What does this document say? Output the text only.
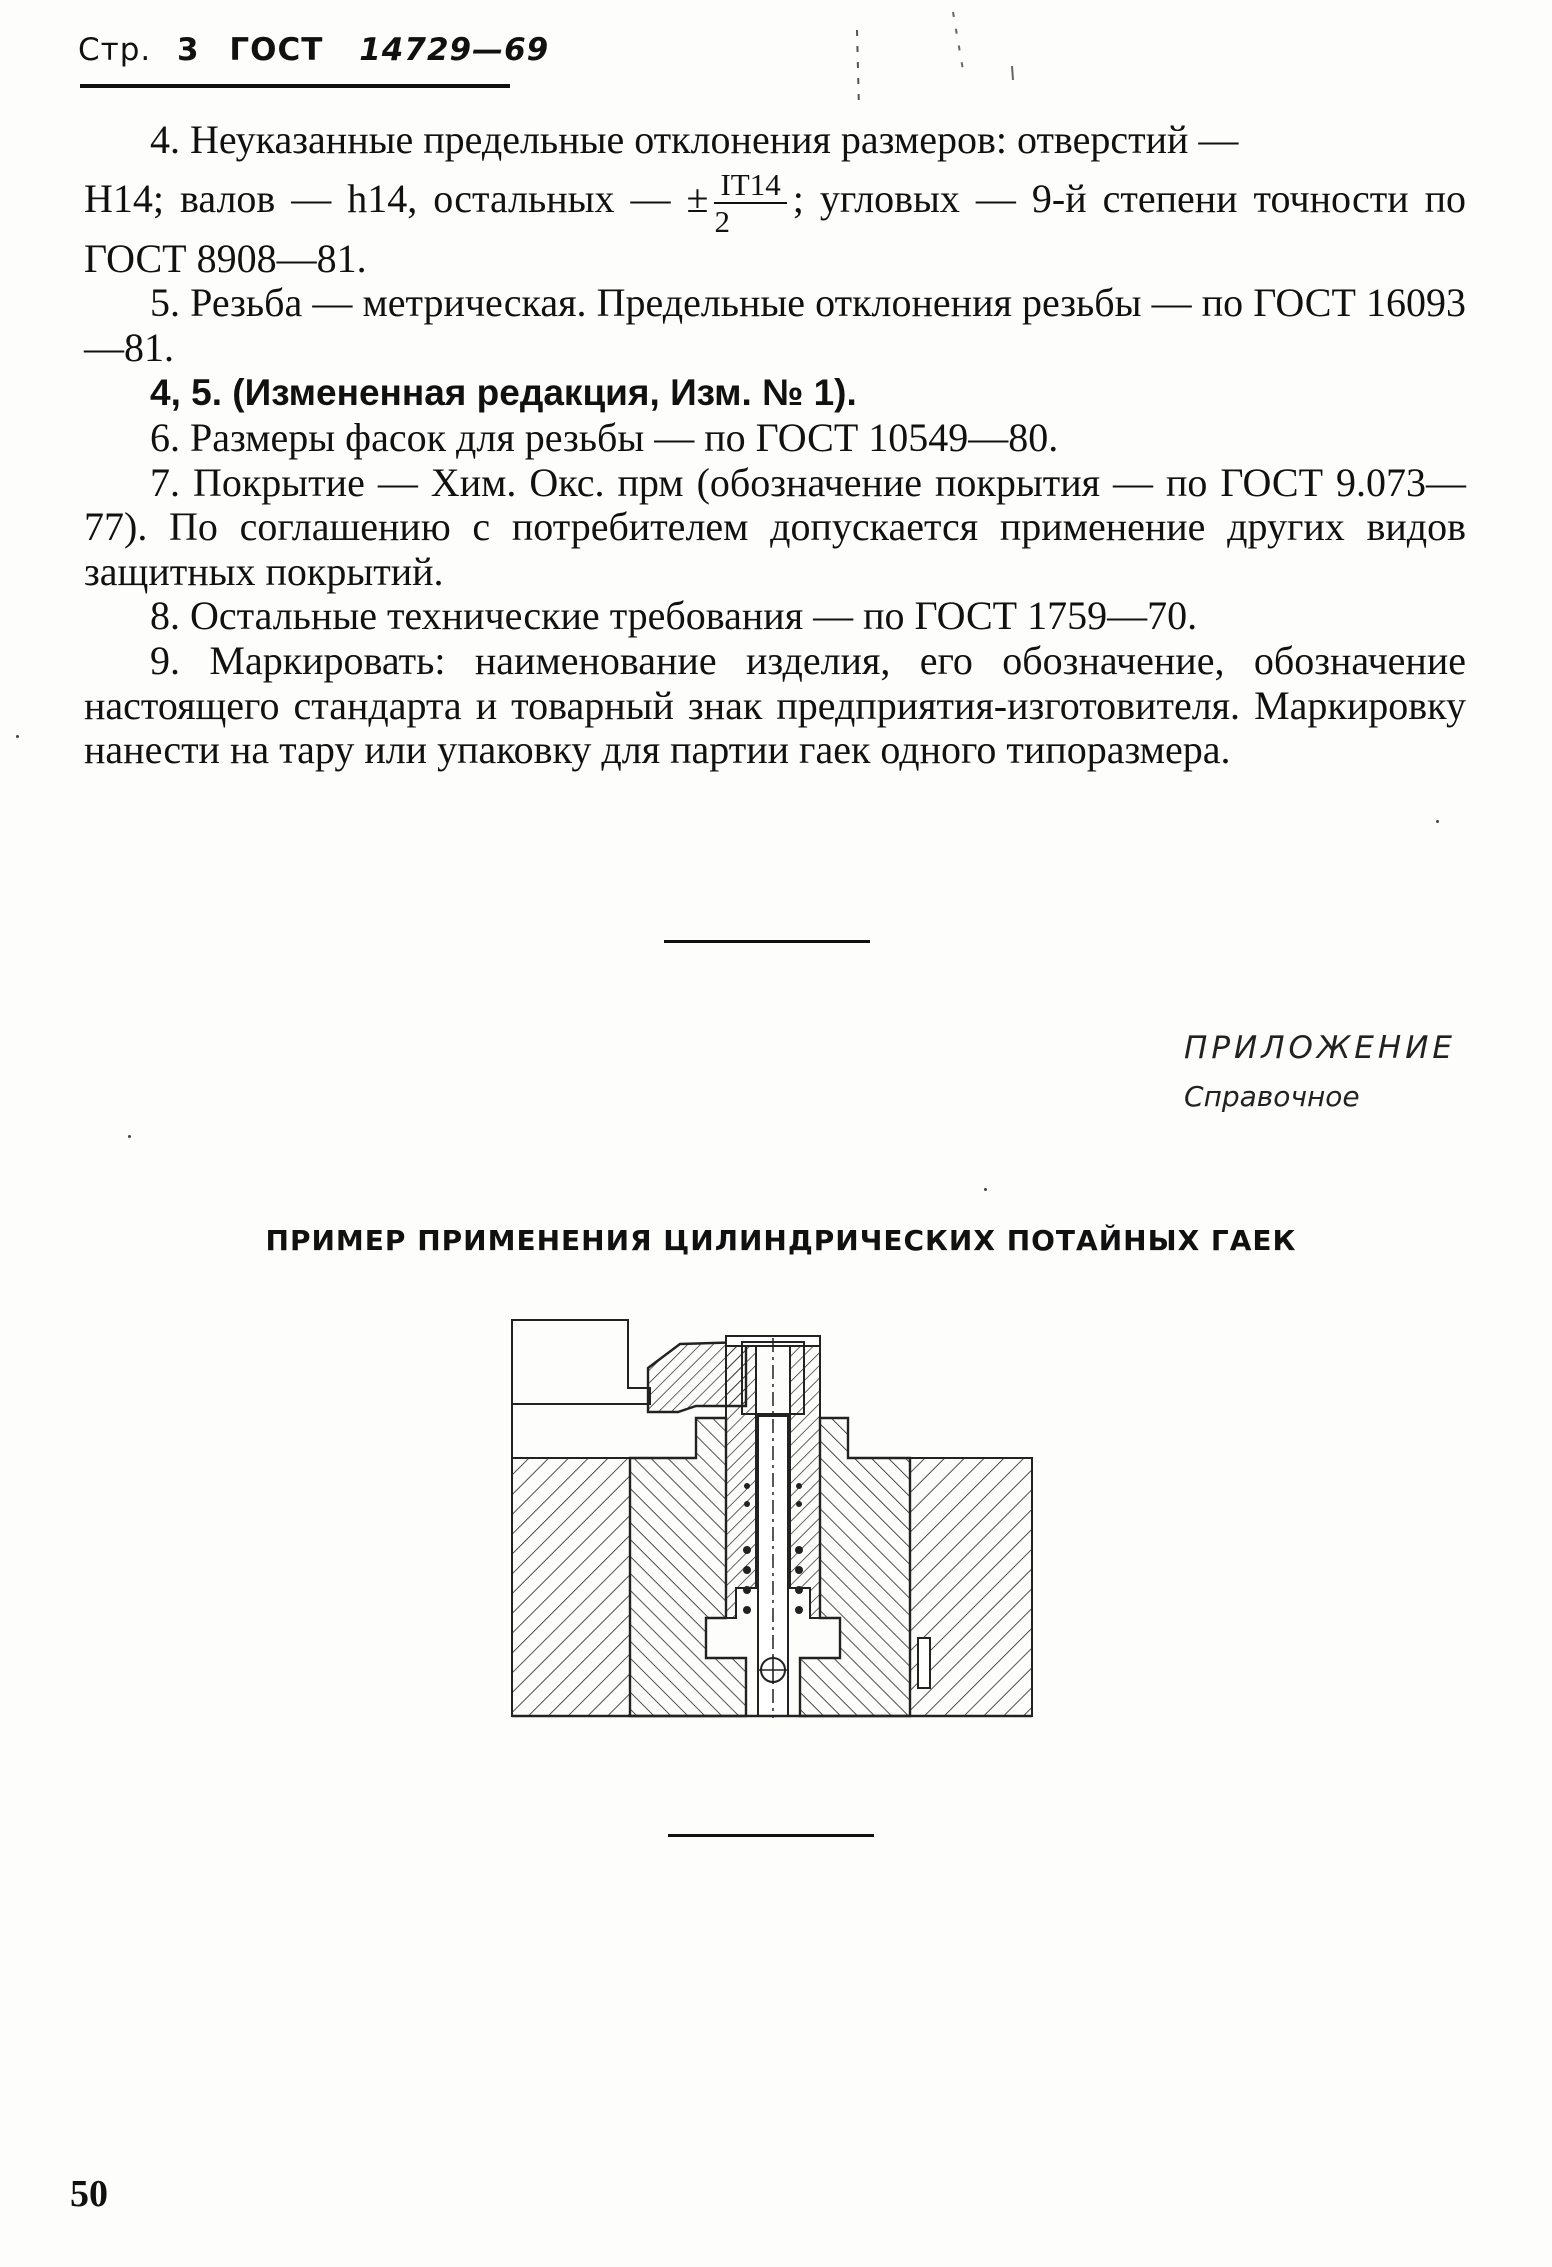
Стр. 3 ГОСТ 14729—69

4. Неуказанные предельные отклонения размеров: отверстий —

H14; валов — h14, остальных — ± $\frac{IT14}{2}$ ; угловых — 9-й степени точности по ГОСТ 8908—81.

5. Резьба — метрическая. Предельные отклонения резьбы — по ГОСТ 16093—81.

4, 5. (Измененная редакция, Изм. № 1).

6. Размеры фасок для резьбы — по ГОСТ 10549—80.

7. Покрытие — Хим. Окс. прм (обозначение покрытия — по ГОСТ 9.073—77). По соглашению с потребителем допускается применение других видов защитных покрытий.

8. Остальные технические требования — по ГОСТ 1759—70.

9. Маркировать: наименование изделия, его обозначение, обозначение настоящего стандарта и товарный знак предприятия-изготовителя. Маркировку нанести на тару или упаковку для партии гаек одного типоразмера.

ПРИЛОЖЕНИЕ
Справочное
ПРИМЕР ПРИМЕНЕНИЯ ЦИЛИНДРИЧЕСКИХ ПОТАЙНЫХ ГАЕК
50
